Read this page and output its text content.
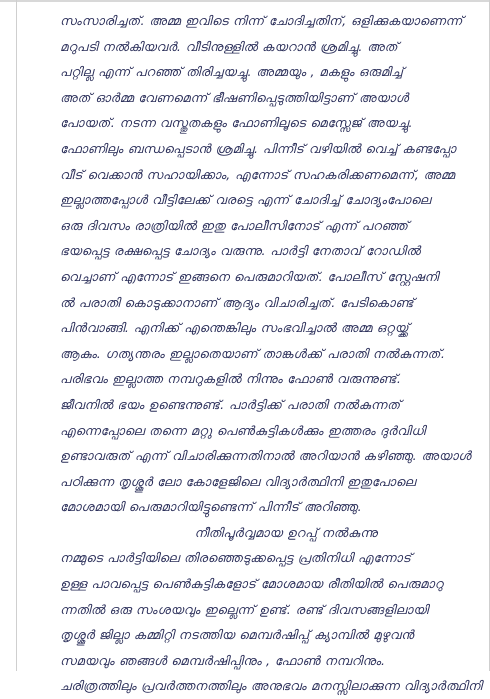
സംസാരിച്ചത്. അമ്മ ഇവിടെ നിന്ന് ചോദിച്ചതിന്, ഒളിക്കുകയാണെന്ന്
മറുപടി നൽകിയവർ. വീടിനുള്ളിൽ കയറാൻ ശ്രമിച്ചു. അത്
പറ്റില്ല എന്ന് പറഞ്ഞ് തിരിച്ചയച്ചു. അമ്മയും , മകളും ഒരുമിച്ച്
അത് ഓർമ്മ വേണമെന്ന് ഭീഷണിപ്പെടുത്തിയിട്ടാണ് അയാൾ
പോയത്. നടന്ന വസ്തുതകളും ഫോണിലൂടെ മെസ്സേജ് അയച്ചു.
ഫോണിലും ബന്ധപ്പെടാൻ ശ്രമിച്ചു. പിന്നീട് വഴിയിൽ വെച്ച് കണ്ടപ്പോ
വീട് വെക്കാൻ സഹായിക്കാം, എന്നോട് സഹകരിക്കണമെന്ന്, അമ്മ
ഇല്ലാത്തപ്പോൾ വീട്ടിലേക്ക് വരട്ടെ എന്ന് ചോദിച്ച് ചോദ്യംപോലെ
ഒരു ദിവസം രാത്രിയിൽ ഇതു പോലീസിനോട് എന്ന് പറഞ്ഞ്
ഭയപ്പെട്ട രക്ഷപ്പെട്ട ചോദ്യം വരുന്നു. പാർട്ടി നേതാവ് റോഡിൽ
വെച്ചാണ് എന്നോട് ഇങ്ങനെ പെരുമാറിയത്. പോലീസ് സ്റ്റേഷനി
ൽ പരാതി കൊടുക്കാനാണ് ആദ്യം വിചാരിച്ചത്. പേടികൊണ്ട്
പിൻവാങ്ങി. എനിക്ക് എന്തെങ്കിലും സംഭവിച്ചാൽ അമ്മ ഒറ്റയ്ക്ക്
ആകും. ഗത്യന്തരം ഇല്ലാതെയാണ് താങ്കൾക്ക് പരാതി നൽകുന്നത്.
പരിഭവം ഇല്ലാത്ത നമ്പറുകളിൽ നിന്നും ഫോൺ വരുന്നുണ്ട്.
ജീവനിൽ ഭയം ഉണ്ടെന്നുണ്ട്. പാർട്ടിക്ക് പരാതി നൽകുന്നത്
എന്നെപ്പോലെ തന്നെ മറ്റു പെൺകുട്ടികൾക്കും ഇത്തരം ദുർവിധി
ഉണ്ടാവരുത് എന്ന് വിചാരിക്കുന്നതിനാൽ അറിയാൻ കഴിഞ്ഞു. അയാൾ
പഠിക്കുന്ന തൃശ്ശൂർ ലോ കോളേജിലെ വിദ്യാർത്ഥിനി ഇതുപോലെ
മോശമായി പെരുമാറിയിട്ടുണ്ടെന്ന് പിന്നീട് അറിഞ്ഞു.
നീതിപൂർവ്വമായ ഉറപ്പ് നൽകുന്നു
നമ്മുടെ പാർട്ടിയിലെ തിരഞ്ഞെടുക്കപ്പെട്ട പ്രതിനിധി എന്നോട്
ഉള്ള പാവപ്പെട്ട പെൺകുട്ടികളോട് മോശമായ രീതിയിൽ പെരുമാറു
ന്നതിൽ ഒരു സംശയവും ഇല്ലെന്ന് ഉണ്ട്. രണ്ട് ദിവസങ്ങളിലായി
തൃശ്ശൂർ ജില്ലാ കമ്മിറ്റി നടത്തിയ മെമ്പർഷിപ്പ് ക്യാമ്പിൽ മുഴുവൻ
സമയവും ഞങ്ങൾ മെമ്പർഷിപ്പിനും , ഫോൺ നമ്പറിനും.
ചരിത്രത്തിലും പ്രവർത്തനത്തിലും അനുഭവം മനസ്സിലാക്കുന്ന വിദ്യാർത്ഥിനി
